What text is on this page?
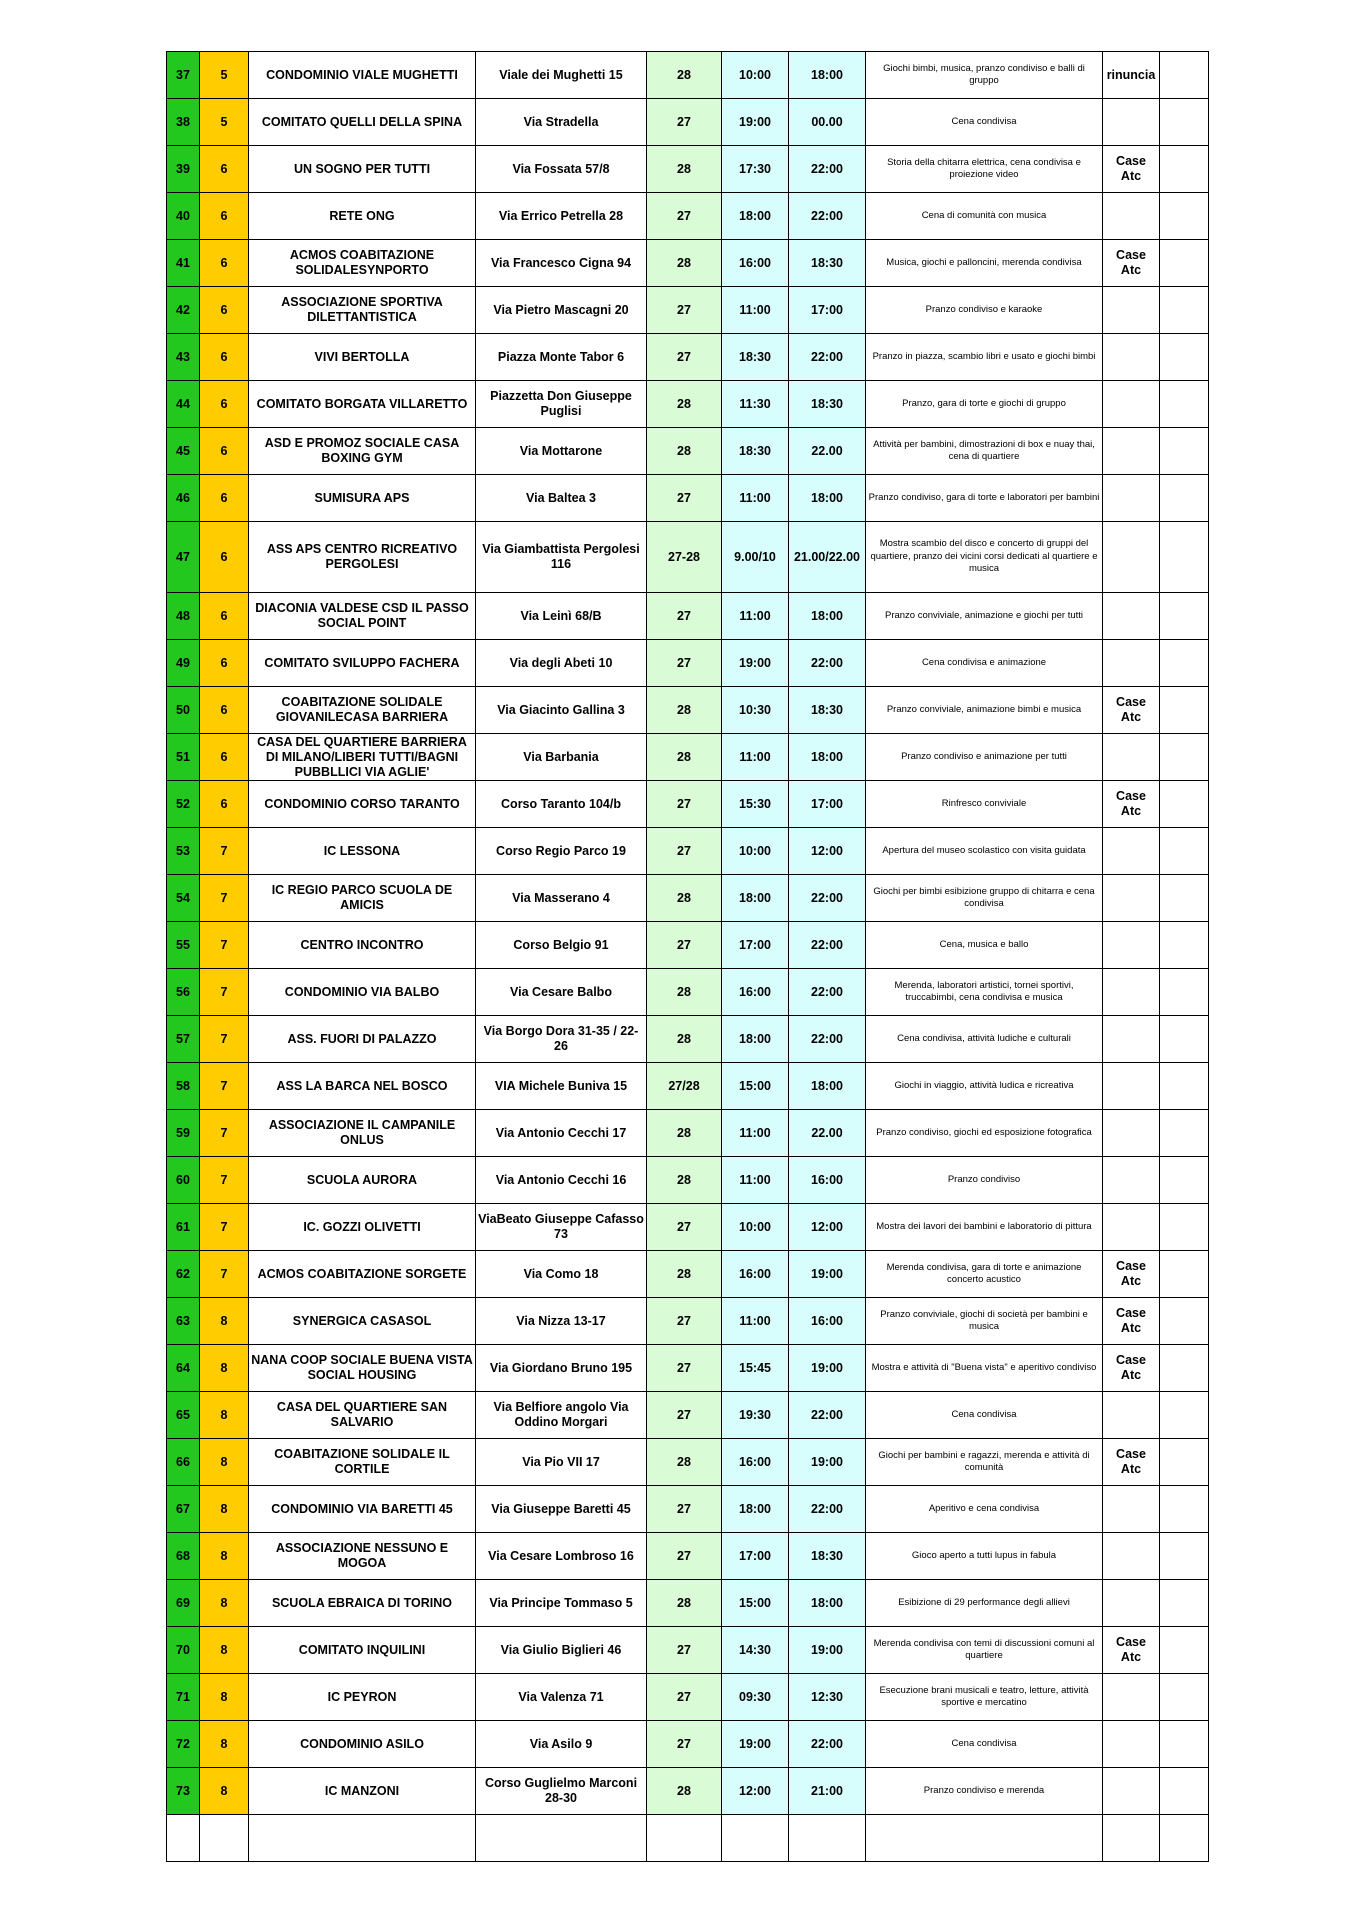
37	5	CONDOMINIO VIALE MUGHETTI	Viale dei Mughetti 15	28	10:00	18:00	Giochi bimbi, musica, pranzo condiviso e balli di gruppo	rinuncia	
38	5	COMITATO QUELLI DELLA SPINA	Via Stradella	27	19:00	00.00	Cena condivisa		
39	6	UN SOGNO PER TUTTI	Via Fossata 57/8	28	17:30	22:00	Storia della chitarra elettrica, cena condivisa e proiezione video	Case Atc	
40	6	RETE ONG	Via Errico Petrella 28	27	18:00	22:00	Cena di comunità con musica		
41	6	ACMOS COABITAZIONE SOLIDALESYNPORTO	Via Francesco Cigna 94	28	16:00	18:30	Musica, giochi e palloncini, merenda condivisa	Case Atc	
42	6	ASSOCIAZIONE SPORTIVA DILETTANTISTICA	Via Pietro Mascagni 20	27	11:00	17:00	Pranzo condiviso e karaoke		
43	6	VIVI BERTOLLA	Piazza Monte Tabor 6	27	18:30	22:00	Pranzo in piazza, scambio libri e usato e giochi bimbi		
44	6	COMITATO BORGATA VILLARETTO	Piazzetta Don Giuseppe Puglisi	28	11:30	18:30	Pranzo, gara di torte e giochi di gruppo		
45	6	ASD E PROMOZ SOCIALE CASA BOXING GYM	Via Mottarone	28	18:30	22.00	Attività per bambini, dimostrazioni di box e nuay thai, cena di quartiere		
46	6	SUMISURA APS	Via Baltea 3	27	11:00	18:00	Pranzo condiviso, gara di torte e laboratori per bambini		
47	6	ASS APS CENTRO RICREATIVO PERGOLESI	Via Giambattista Pergolesi 116	27-28	9.00/10	21.00/22.00	Mostra scambio del disco e concerto di gruppi del quartiere, pranzo dei vicini corsi dedicati al quartiere e musica		
48	6	DIACONIA VALDESE CSD IL PASSO SOCIAL POINT	Via Leinì 68/B	27	11:00	18:00	Pranzo conviviale, animazione e giochi per tutti		
49	6	COMITATO SVILUPPO FACHERA	Via degli Abeti 10	27	19:00	22:00	Cena condivisa e animazione		
50	6	COABITAZIONE SOLIDALE GIOVANILECASA BARRIERA	Via Giacinto Gallina 3	28	10:30	18:30	Pranzo conviviale, animazione bimbi e musica	Case Atc	
51	6	CASA DEL QUARTIERE BARRIERA DI MILANO/LIBERI TUTTI/BAGNI PUBBLLICI VIA AGLIE'	Via Barbania	28	11:00	18:00	Pranzo condiviso e animazione per tutti		
52	6	CONDOMINIO CORSO TARANTO	Corso Taranto 104/b	27	15:30	17:00	Rinfresco conviviale	Case Atc	
53	7	IC LESSONA	Corso Regio Parco 19	27	10:00	12:00	Apertura del museo scolastico con visita guidata		
54	7	IC REGIO PARCO SCUOLA DE AMICIS	Via Masserano 4	28	18:00	22:00	Giochi per bimbi esibizione gruppo di chitarra e cena condivisa		
55	7	CENTRO INCONTRO	Corso Belgio 91	27	17:00	22:00	Cena, musica e ballo		
56	7	CONDOMINIO VIA BALBO	Via Cesare Balbo	28	16:00	22:00	Merenda, laboratori artistici, tornei sportivi, truccabimbi, cena condivisa e musica		
57	7	ASS. FUORI DI PALAZZO	Via Borgo Dora 31-35 / 22-26	28	18:00	22:00	Cena condivisa, attività ludiche e culturali		
58	7	ASS LA BARCA NEL BOSCO	VIA Michele Buniva 15	27/28	15:00	18:00	Giochi in viaggio, attività ludica e ricreativa		
59	7	ASSOCIAZIONE IL CAMPANILE ONLUS	Via Antonio Cecchi 17	28	11:00	22.00	Pranzo condiviso, giochi ed esposizione fotografica		
60	7	SCUOLA AURORA	Via Antonio Cecchi 16	28	11:00	16:00	Pranzo condiviso		
61	7	IC. GOZZI OLIVETTI	ViaBeato Giuseppe Cafasso 73	27	10:00	12:00	Mostra dei lavori dei bambini e laboratorio di pittura		
62	7	ACMOS COABITAZIONE SORGETE	Via Como 18	28	16:00	19:00	Merenda condivisa, gara di torte e animazione concerto acustico	Case Atc	
63	8	SYNERGICA CASASOL	Via Nizza 13-17	27	11:00	16:00	Pranzo conviviale, giochi di società per bambini e musica	Case Atc	
64	8	NANA COOP SOCIALE BUENA VISTA SOCIAL HOUSING	Via Giordano Bruno 195	27	15:45	19:00	Mostra e attività di "Buena vista" e aperitivo condiviso	Case Atc	
65	8	CASA DEL QUARTIERE SAN SALVARIO	Via Belfiore angolo Via Oddino Morgari	27	19:30	22:00	Cena condivisa		
66	8	COABITAZIONE SOLIDALE IL CORTILE	Via Pio VII 17	28	16:00	19:00	Giochi per bambini e ragazzi, merenda e attività di comunità	Case Atc	
67	8	CONDOMINIO VIA BARETTI 45	Via Giuseppe Baretti 45	27	18:00	22:00	Aperitivo e cena condivisa		
68	8	ASSOCIAZIONE NESSUNO E MOGOA	Via Cesare Lombroso 16	27	17:00	18:30	Gioco aperto a tutti lupus in fabula		
69	8	SCUOLA EBRAICA DI TORINO	Via Principe Tommaso 5	28	15:00	18:00	Esibizione di 29 performance degli allievi		
70	8	COMITATO INQUILINI	Via Giulio Biglieri 46	27	14:30	19:00	Merenda condivisa con temi di discussioni comuni al quartiere	Case Atc	
71	8	IC PEYRON	Via Valenza 71	27	09:30	12:30	Esecuzione brani musicali e teatro, letture, attività sportive e mercatino		
72	8	CONDOMINIO ASILO	Via Asilo 9	27	19:00	22:00	Cena condivisa		
73	8	IC MANZONI	Corso Guglielmo Marconi 28-30	28	12:00	21:00	Pranzo condiviso e merenda		
